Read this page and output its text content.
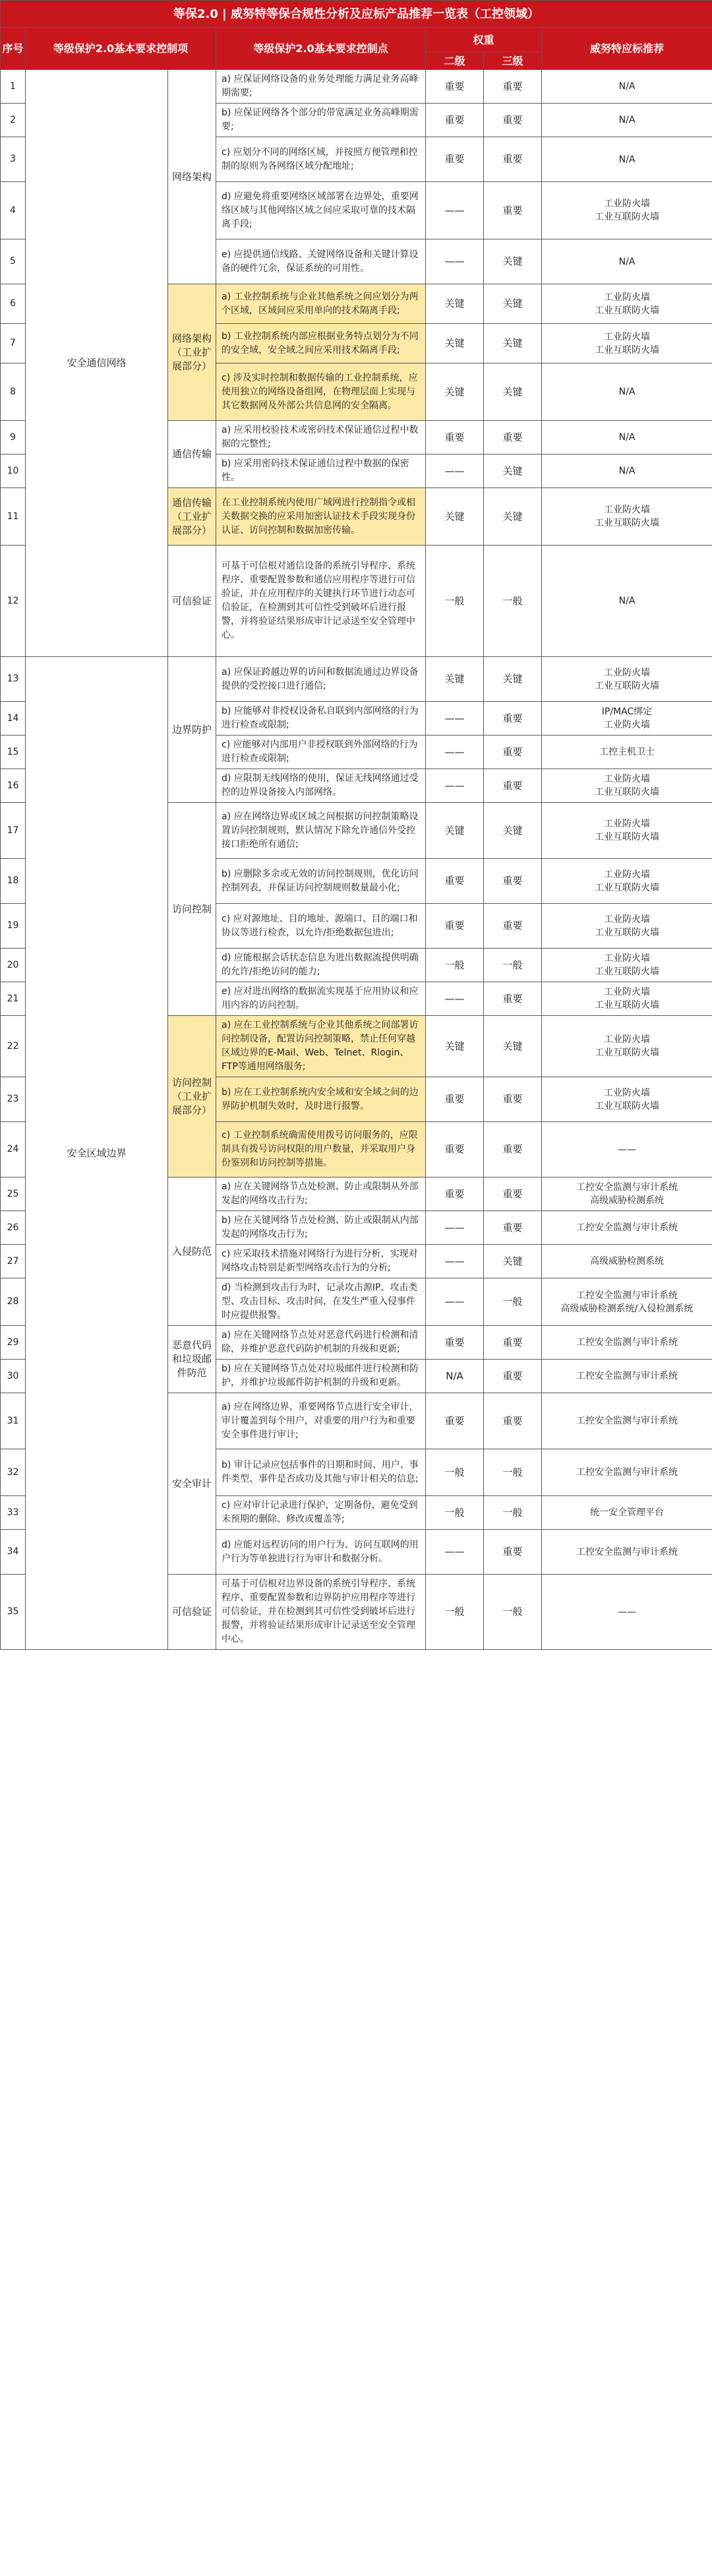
等保2.0 | 威努特等保合规性分析及应标产品推荐一览表（工控领域）						
序号	等级保护2.0基本要求控制项		等级保护2.0基本要求控制点	权重		威努特应标推荐
				二级	三级	
1	安全通信网络	网络架构	a) 应保证网络设备的业务处理能力满足业务高峰期需要;	重要	重要	N/A

2			b) 应保证网络各个部分的带宽满足业务高峰期需要;	重要	重要	N/A

3			c) 应划分不同的网络区域，并按照方便管理和控制的原则为各网络区域分配地址;	重要	重要	N/A

4			d) 应避免将重要网络区域部署在边界处，重要网络区域与其他网络区域之间应采取可靠的技术隔离手段;	——	重要	工业防火墙
工业互联防火墙

5			e) 应提供通信线路、关键网络设备和关键计算设备的硬件冗余，保证系统的可用性。	——	关键	N/A

6		网络架构
（工业扩展部分）	a) 工业控制系统与企业其他系统之间应划分为两个区域，区域间应采用单向的技术隔离手段;	关键	关键	工业防火墙
工业互联防火墙

7			b) 工业控制系统内部应根据业务特点划分为不同的安全域，安全域之间应采用技术隔离手段;	关键	关键	工业防火墙
工业互联防火墙

8			c) 涉及实时控制和数据传输的工业控制系统，应使用独立的网络设备组网，在物理层面上实现与其它数据网及外部公共信息网的安全隔离。	关键	关键	N/A

9		通信传输	a) 应采用校验技术或密码技术保证通信过程中数据的完整性;	重要	重要	N/A

10			b) 应采用密码技术保证通信过程中数据的保密性。	——	关键	N/A

11		通信传输
（工业扩展部分）	在工业控制系统内使用广域网进行控制指令或相关数据交换的应采用加密认证技术手段实现身份认证、访问控制和数据加密传输。	关键	关键	工业防火墙
工业互联防火墙

12		可信验证	可基于可信根对通信设备的系统引导程序、系统程序、重要配置参数和通信应用程序等进行可信验证，并在应用程序的关键执行环节进行动态可信验证，在检测到其可信性受到破坏后进行报警，并将验证结果形成审计记录送至安全管理中心。	一般	一般	N/A

13	安全区域边界	边界防护	a) 应保证跨越边界的访问和数据流通过边界设备提供的受控接口进行通信;	关键	关键	工业防火墙
工业互联防火墙

14			b) 应能够对非授权设备私自联到内部网络的行为进行检查或限制;	——	重要	IP/MAC绑定
工业防火墙

15			c) 应能够对内部用户非授权联到外部网络的行为进行检查或限制;	——	重要	工控主机卫士

16			d) 应限制无线网络的使用，保证无线网络通过受控的边界设备接入内部网络。	——	重要	工业防火墙
工业互联防火墙

17		访问控制	a) 应在网络边界或区域之间根据访问控制策略设置访问控制规则，默认情况下除允许通信外受控接口拒绝所有通信;	关键	关键	工业防火墙
工业互联防火墙

18			b) 应删除多余或无效的访问控制规则，优化访问控制列表，并保证访问控制规则数量最小化;	重要	重要	工业防火墙
工业互联防火墙

19			c) 应对源地址、目的地址、源端口、目的端口和协议等进行检查，以允许/拒绝数据包进出;	重要	重要	工业防火墙
工业互联防火墙

20			d) 应能根据会话状态信息为进出数据流提供明确的允许/拒绝访问的能力;	一般	一般	工业防火墙
工业互联防火墙

21			e) 应对进出网络的数据流实现基于应用协议和应用内容的访问控制。	——	重要	工业防火墙
工业互联防火墙

22		访问控制
（工业扩展部分）	a) 应在工业控制系统与企业其他系统之间部署访问控制设备，配置访问控制策略，禁止任何穿越区域边界的E-Mail、Web、Telnet、Rlogin、FTP等通用网络服务;	关键	关键	工业防火墙
工业互联防火墙

23			b) 应在工业控制系统内安全域和安全域之间的边界防护机制失效时，及时进行报警。	重要	重要	工业防火墙
工业互联防火墙

24			c) 工业控制系统确需使用拨号访问服务的，应限制具有拨号访问权限的用户数量，并采取用户身份鉴别和访问控制等措施。	重要	重要	——

25		入侵防范	a) 应在关键网络节点处检测、防止或限制从外部发起的网络攻击行为;	重要	重要	工控安全监测与审计系统
高级威胁检测系统

26			b) 应在关键网络节点处检测、防止或限制从内部发起的网络攻击行为;	——	重要	工控安全监测与审计系统

27			c) 应采取技术措施对网络行为进行分析，实现对网络攻击特别是新型网络攻击行为的分析;	——	关键	高级威胁检测系统

28			d) 当检测到攻击行为时，记录攻击源IP、攻击类型、攻击目标、攻击时间，在发生严重入侵事件时应提供报警。	——	一般	工控安全监测与审计系统
高级威胁检测系统/入侵检测系统

29		恶意代码和垃圾邮件防范	a) 应在关键网络节点处对恶意代码进行检测和清除，并维护恶意代码防护机制的升级和更新;	重要	重要	工控安全监测与审计系统

30			b) 应在关键网络节点处对垃圾邮件进行检测和防护，并维护垃圾邮件防护机制的升级和更新。	N/A	重要	工控安全监测与审计系统

31		安全审计	a) 应在网络边界、重要网络节点进行安全审计，审计覆盖到每个用户，对重要的用户行为和重要安全事件进行审计;	重要	重要	工控安全监测与审计系统

32			b) 审计记录应包括事件的日期和时间、用户、事件类型、事件是否成功及其他与审计相关的信息;	一般	一般	工控安全监测与审计系统

33			c) 应对审计记录进行保护，定期备份，避免受到未预期的删除、修改或覆盖等;	一般	一般	统一安全管理平台

34			d) 应能对远程访问的用户行为、访问互联网的用户行为等单独进行行为审计和数据分析。	——	重要	工控安全监测与审计系统

35		可信验证	可基于可信根对边界设备的系统引导程序、系统程序、重要配置参数和边界防护应用程序等进行可信验证，并在检测到其可信性受到破坏后进行报警，并将验证结果形成审计记录送至安全管理中心。	一般	一般	——
